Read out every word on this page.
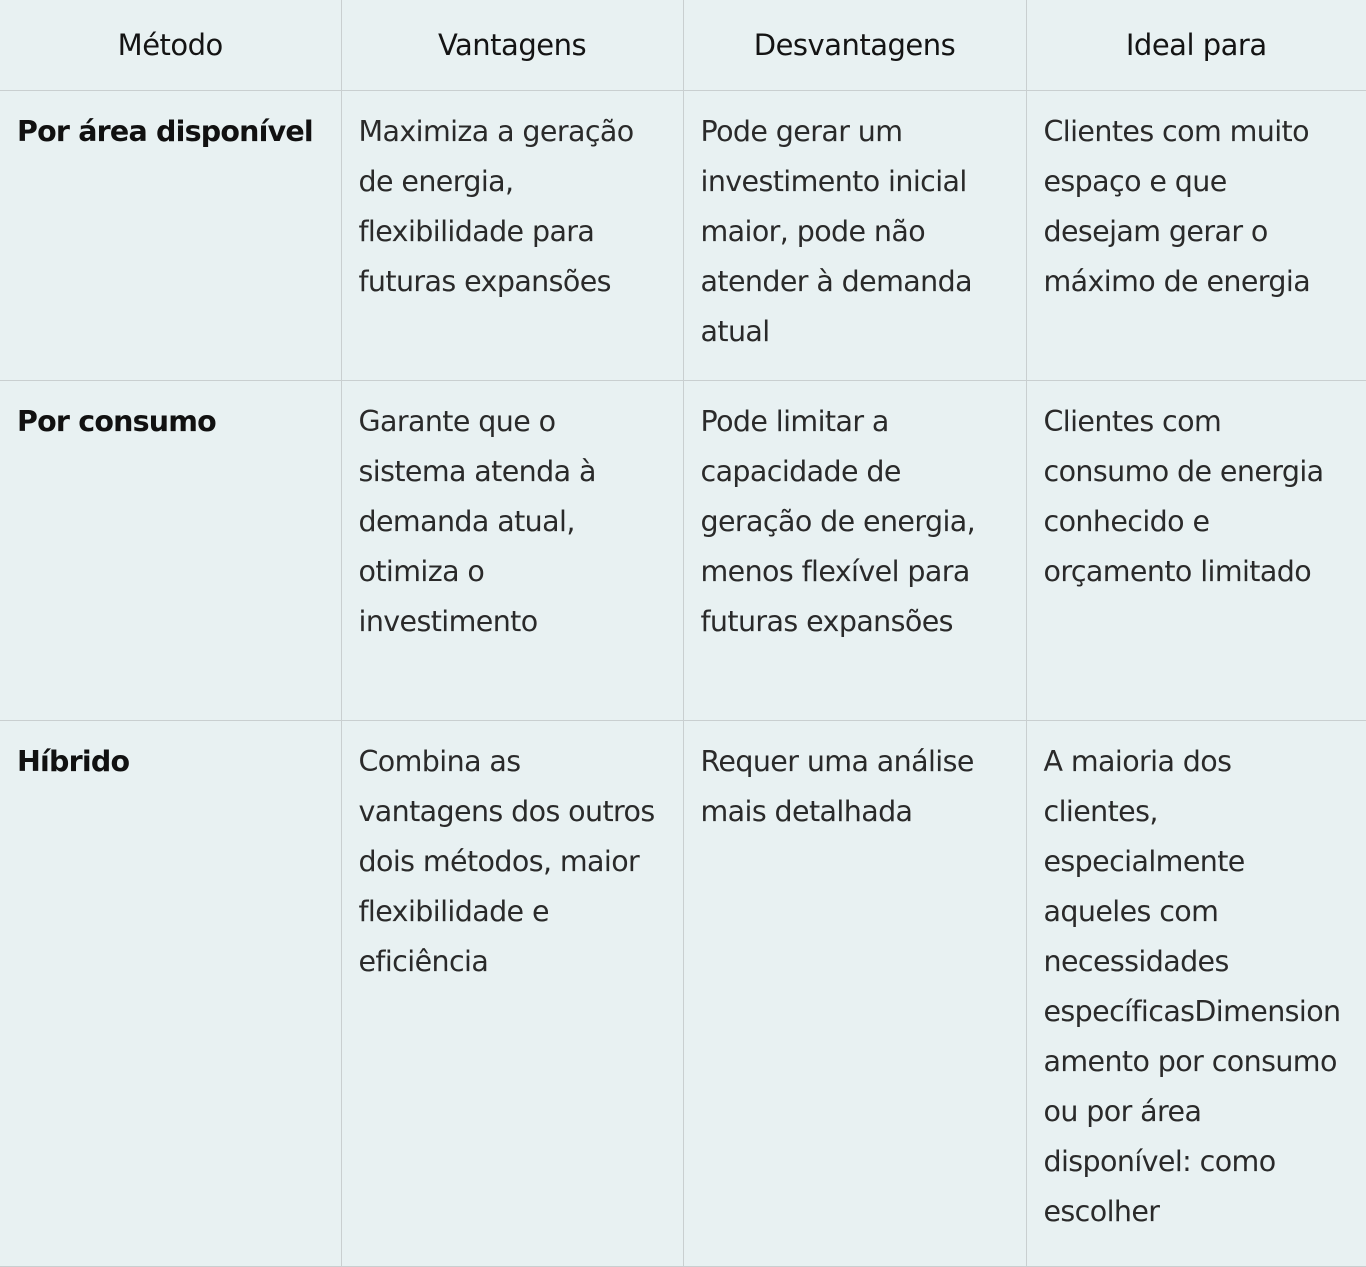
Método	Vantagens	Desvantagens	Ideal para

Por área disponível	Maximiza a geração de energia, flexibilidade para futuras expansões	Pode gerar um investimento inicial maior, pode não atender à demanda atual	Clientes com muito espaço e que desejam gerar o máximo de energia

Por consumo	Garante que o sistema atenda à demanda atual, otimiza o investimento	Pode limitar a capacidade de geração de energia, menos flexível para futuras expansões	Clientes com consumo de energia conhecido e orçamento limitado

Híbrido	Combina as vantagens dos outros dois métodos, maior flexibilidade e eficiência	Requer uma análise mais detalhada	A maioria dos clientes, especialmente aqueles com necessidades específicasDimensionamento por consumo ou por área disponível: como escolher
